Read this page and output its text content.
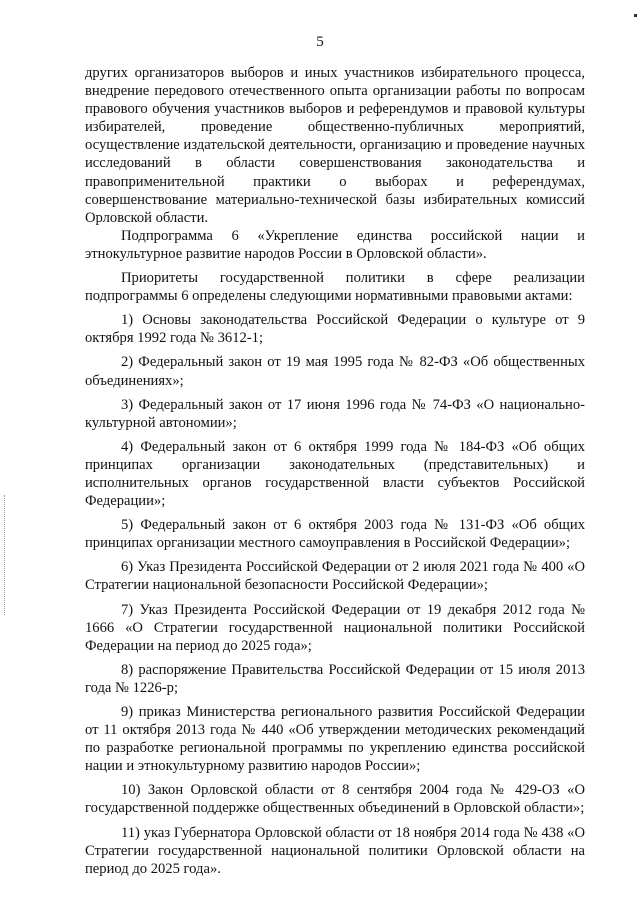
5

других организаторов выборов и иных участников избирательного процесса, внедрение передового отечественного опыта организации работы по вопросам правового обучения участников выборов и референдумов и правовой культуры избирателей, проведение общественно-публичных мероприятий, осуществление издательской деятельности, организацию и проведение научных исследований в области совершенствования законодательства и правоприменительной практики о выборах и референдумах, совершенствование материально-технической базы избирательных комиссий Орловской области.

Подпрограмма 6 «Укрепление единства российской нации и этнокультурное развитие народов России в Орловской области».

Приоритеты государственной политики в сфере реализации подпрограммы 6 определены следующими нормативными правовыми актами:

1) Основы законодательства Российской Федерации о культуре от 9 октября 1992 года № 3612-1;

2) Федеральный закон от 19 мая 1995 года № 82-ФЗ «Об общественных объединениях»;

3) Федеральный закон от 17 июня 1996 года № 74-ФЗ «О национально-культурной автономии»;

4) Федеральный закон от 6 октября 1999 года № 184-ФЗ «Об общих принципах организации законодательных (представительных) и исполнительных органов государственной власти субъектов Российской Федерации»;

5) Федеральный закон от 6 октября 2003 года № 131-ФЗ «Об общих принципах организации местного самоуправления в Российской Федерации»;

6) Указ Президента Российской Федерации от 2 июля 2021 года № 400 «О Стратегии национальной безопасности Российской Федерации»;

7) Указ Президента Российской Федерации от 19 декабря 2012 года № 1666 «О Стратегии государственной национальной политики Российской Федерации на период до 2025 года»;

8) распоряжение Правительства Российской Федерации от 15 июля 2013 года № 1226-р;

9) приказ Министерства регионального развития Российской Федерации от 11 октября 2013 года № 440 «Об утверждении методических рекомендаций по разработке региональной программы по укреплению единства российской нации и этнокультурному развитию народов России»;

10) Закон Орловской области от 8 сентября 2004 года № 429-ОЗ «О государственной поддержке общественных объединений в Орловской области»;

11) указ Губернатора Орловской области от 18 ноября 2014 года № 438 «О Стратегии государственной национальной политики Орловской области на период до 2025 года».
